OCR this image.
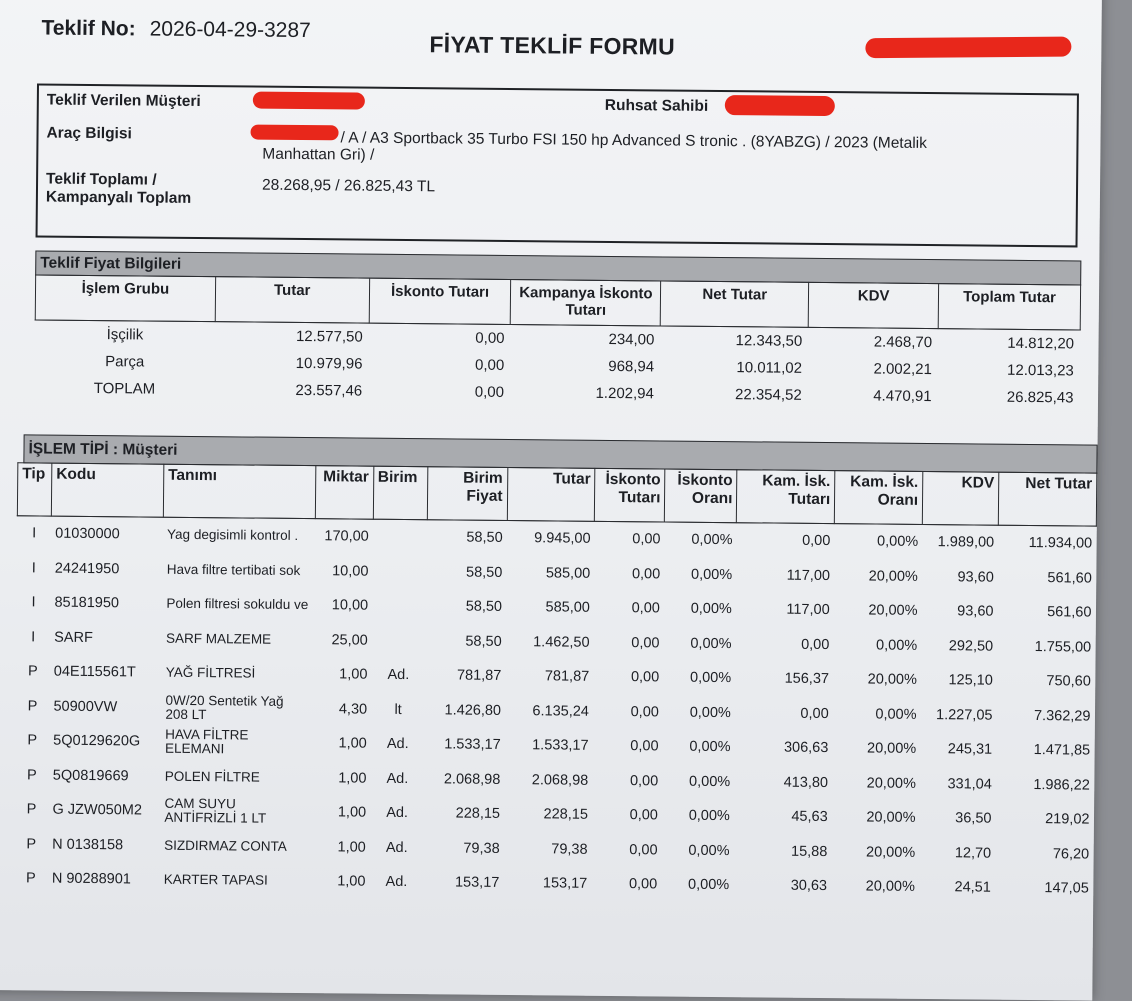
Teklif No: 2026-04-29-3287
FİYAT TEKLİF FORMU
Teklif Verilen Müşteri	Ruhsat Sahibi
Araç Bilgisi	/ A / A3 Sportback 35 Turbo FSI 150 hp Advanced S tronic . (8YABZG) / 2023 (Metalik
Manhattan Gri) /
Teklif Toplamı /
Kampanyalı Toplam
28.268,95 / 26.825,43 TL
Teklif Fiyat Bilgileri
İşlem Grubu	Tutar	İskonto Tutarı	Kampanya İskonto Tutarı	Net Tutar	KDV	Toplam Tutar
İşçilik	12.577,50	0,00	234,00	12.343,50	2.468,70	14.812,20
Parça	10.979,96	0,00	968,94	10.011,02	2.002,21	12.013,23
TOPLAM	23.557,46	0,00	1.202,94	22.354,52	4.470,91	26.825,43
İŞLEM TİPİ : Müşteri
Tip	Kodu	Tanımı	Miktar	Birim	Birim Fiyat	Tutar	İskonto Tutarı	İskonto Oranı	Kam. İsk. Tutarı	Kam. İsk. Oranı	KDV	Net Tutar
I	01030000	Yag degisimli kontrol .	170,00		58,50	9.945,00	0,00	0,00%	0,00	0,00%	1.989,00	11.934,00
I	24241950	Hava filtre tertibati sok	10,00		58,50	585,00	0,00	0,00%	117,00	20,00%	93,60	561,60
I	85181950	Polen filtresi sokuldu ve	10,00		58,50	585,00	0,00	0,00%	117,00	20,00%	93,60	561,60
I	SARF	SARF MALZEME	25,00		58,50	1.462,50	0,00	0,00%	0,00	0,00%	292,50	1.755,00
P	04E115561T	YAĞ FİLTRESİ	1,00	Ad.	781,87	781,87	0,00	0,00%	156,37	20,00%	125,10	750,60
P	50900VW	0W/20 Sentetik Yağ 208 LT	4,30	lt	1.426,80	6.135,24	0,00	0,00%	0,00	0,00%	1.227,05	7.362,29
P	5Q0129620G	HAVA FİLTRE ELEMANI	1,00	Ad.	1.533,17	1.533,17	0,00	0,00%	306,63	20,00%	245,31	1.471,85
P	5Q0819669	POLEN FİLTRE	1,00	Ad.	2.068,98	2.068,98	0,00	0,00%	413,80	20,00%	331,04	1.986,22
P	G JZW050M2	CAM SUYU ANTİFRİZLİ 1 LT	1,00	Ad.	228,15	228,15	0,00	0,00%	45,63	20,00%	36,50	219,02
P	N 0138158	SIZDIRMAZ CONTA	1,00	Ad.	79,38	79,38	0,00	0,00%	15,88	20,00%	12,70	76,20
P	N 90288901	KARTER TAPASI	1,00	Ad.	153,17	153,17	0,00	0,00%	30,63	20,00%	24,51	147,05
